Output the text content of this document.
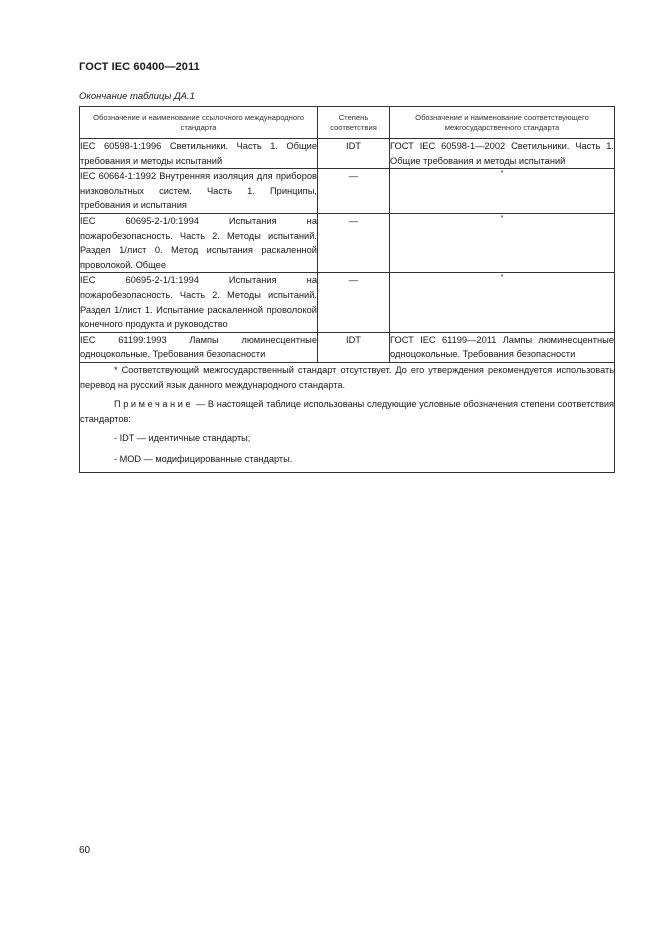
ГОСТ IEC 60400—2011
Окончание таблицы ДА.1
Обозначение и наименование ссылочного международного стандарта	Степень соответствия	Обозначение и наименование соответствующего межгосударственного стандарта
IEC 60598-1:1996 Светильники. Часть 1. Общие требования и методы испытаний	IDT	ГОСТ IEC 60598-1—2002 Светильники. Часть 1. Общие требования и методы испытаний
IEC 60664-1:1992 Внутренняя изоляция для приборов низковольтных систем. Часть 1. Принципы, требования и испытания	—	*
IEC 60695-2-1/0:1994 Испытания на пожаробезопасность. Часть 2. Методы испытаний. Раздел 1/лист 0. Метод испытания раскаленной проволокой. Общее	—	*
IEC 60695-2-1/1:1994 Испытания на пожаробезопасность. Часть 2. Методы испытаний. Раздел 1/лист 1. Испытание раскаленной проволокой конечного продукта и руководство	—	*
IEC 61199:1993 Лампы люминесцентные одноцокольные. Требования безопасности	IDT	ГОСТ IEC 61199—2011 Лампы люминесцентные одноцокольные. Требования безопасности

* Соответствующий межгосударственный стандарт отсутствует. До его утверждения рекомендуется использовать перевод на русский язык данного международного стандарта.

Примечание — В настоящей таблице использованы следующие условные обозначения степени соответствия стандартов:

- IDT — идентичные стандарты;
- MOD — модифицированные стандарты.		
60
